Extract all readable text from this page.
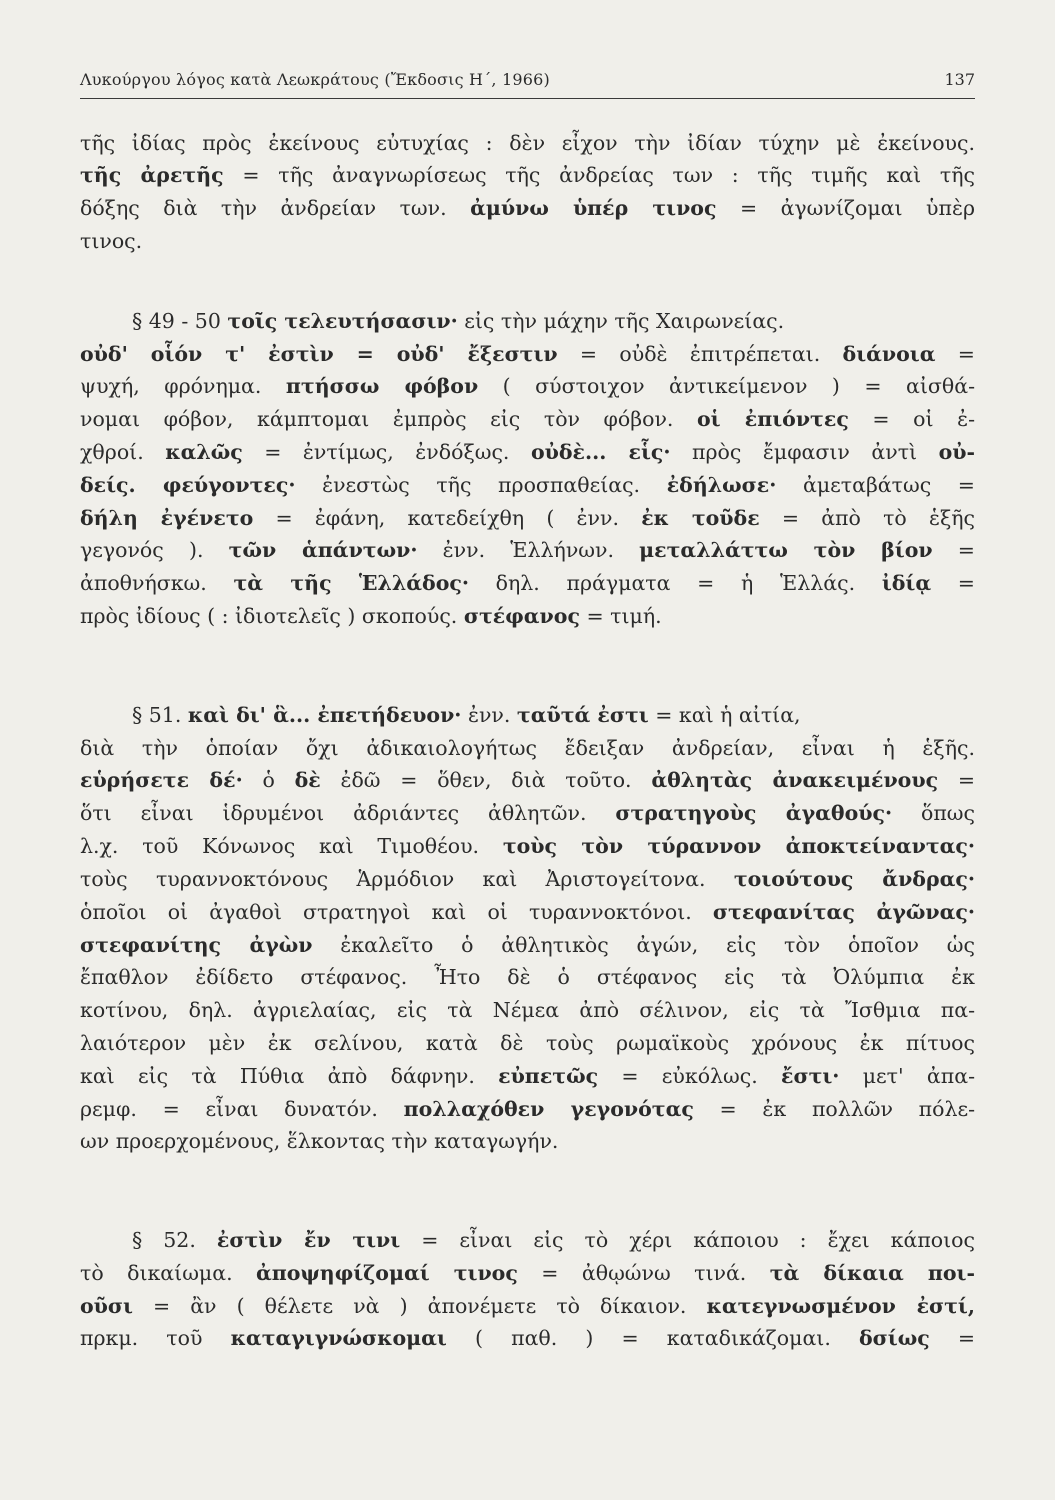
Λυκούργου λόγος κατὰ Λεωκράτους (Ἔκδοσις Η΄, 1966)	137
τῆς ἰδίας πρὸς ἐκείνους εὐτυχίας : δὲν εἶχον τὴν ἰδίαν τύχην μὲ ἐκείνους.
τῆς ἀρετῆς = τῆς ἀναγνωρίσεως τῆς ἀνδρείας των : τῆς τιμῆς καὶ τῆς
δόξης διὰ τὴν ἀνδρείαν των. ἀμύνω ὑπέρ τινος = ἀγωνίζομαι ὑπὲρ
τινος.
§ 49 - 50 τοῖς τελευτήσασιν· εἰς τὴν μάχην τῆς Χαιρωνείας.
οὐδ' οἷόν τ' ἐστὶν = οὐδ' ἔξεστιν = οὐδὲ ἐπιτρέπεται. διάνοια =
ψυχή, φρόνημα. πτήσσω φόβον ( σύστοιχον ἀντικείμενον ) = αἰσθά-
νομαι φόβον, κάμπτομαι ἐμπρὸς εἰς τὸν φόβον. οἱ ἐπιόντες = οἱ ἐ-
χθροί. καλῶς = ἐντίμως, ἐνδόξως. οὐδὲ... εἷς· πρὸς ἔμφασιν ἀντὶ οὐ-
δείς. φεύγοντες· ἐνεστὼς τῆς προσπαθείας. ἐδήλωσε· ἀμεταβάτως =
δήλη ἐγένετο = ἐφάνη, κατεδείχθη ( ἐνν. ἐκ τοῦδε = ἀπὸ τὸ ἑξῆς
γεγονός ). τῶν ἁπάντων· ἐνν. Ἑλλήνων. μεταλλάττω τὸν βίον =
ἀποθνήσκω. τὰ τῆς Ἑλλάδος· δηλ. πράγματα = ἡ Ἑλλάς. ἰδίᾳ =
πρὸς ἰδίους ( : ἰδιοτελεῖς ) σκοπούς. στέφανος = τιμή.
§ 51. καὶ δι' ἃ... ἐπετήδευον· ἐνν. ταῦτά ἐστι = καὶ ἡ αἰτία,
διὰ τὴν ὁποίαν ὄχι ἀδικαιολογήτως ἔδειξαν ἀνδρείαν, εἶναι ἡ ἑξῆς.
εὑρήσετε δέ· ὁ δὲ ἐδῶ = ὅθεν, διὰ τοῦτο. ἀθλητὰς ἀνακειμένους =
ὅτι εἶναι ἱδρυμένοι ἀδριάντες ἀθλητῶν. στρατηγοὺς ἀγαθούς· ὅπως
λ.χ. τοῦ Κόνωνος καὶ Τιμοθέου. τοὺς τὸν τύραννον ἀποκτείναντας·
τοὺς τυραννοκτόνους Ἁρμόδιον καὶ Ἀριστογείτονα. τοιούτους ἄνδρας·
ὁποῖοι οἱ ἀγαθοὶ στρατηγοὶ καὶ οἱ τυραννοκτόνοι. στεφανίτας ἀγῶνας·
στεφανίτης ἀγὼν ἐκαλεῖτο ὁ ἀθλητικὸς ἀγών, εἰς τὸν ὁποῖον ὡς
ἔπαθλον ἐδίδετο στέφανος. Ἦτο δὲ ὁ στέφανος εἰς τὰ Ὀλύμπια ἐκ
κοτίνου, δηλ. ἀγριελαίας, εἰς τὰ Νέμεα ἀπὸ σέλινον, εἰς τὰ Ἴσθμια πα-
λαιότερον μὲν ἐκ σελίνου, κατὰ δὲ τοὺς ρωμαϊκοὺς χρόνους ἐκ πίτυος
καὶ εἰς τὰ Πύθια ἀπὸ δάφνην. εὐπετῶς = εὐκόλως. ἔστι· μετ' ἀπα-
ρεμφ. = εἶναι δυνατόν. πολλαχόθεν γεγονότας = ἐκ πολλῶν πόλε-
ων προερχομένους, ἕλκοντας τὴν καταγωγήν.
§ 52. ἐστὶν ἔν τινι = εἶναι εἰς τὸ χέρι κάποιου : ἔχει κάποιος
τὸ δικαίωμα. ἀποψηφίζομαί τινος = ἀθῳώνω τινά. τὰ δίκαια ποι-
οῦσι = ἂν ( θέλετε νὰ ) ἀπονέμετε τὸ δίκαιον. κατεγνωσμένον ἐστί,
πρκμ. τοῦ καταγιγνώσκομαι ( παθ. ) = καταδικάζομαι. δσίως =
